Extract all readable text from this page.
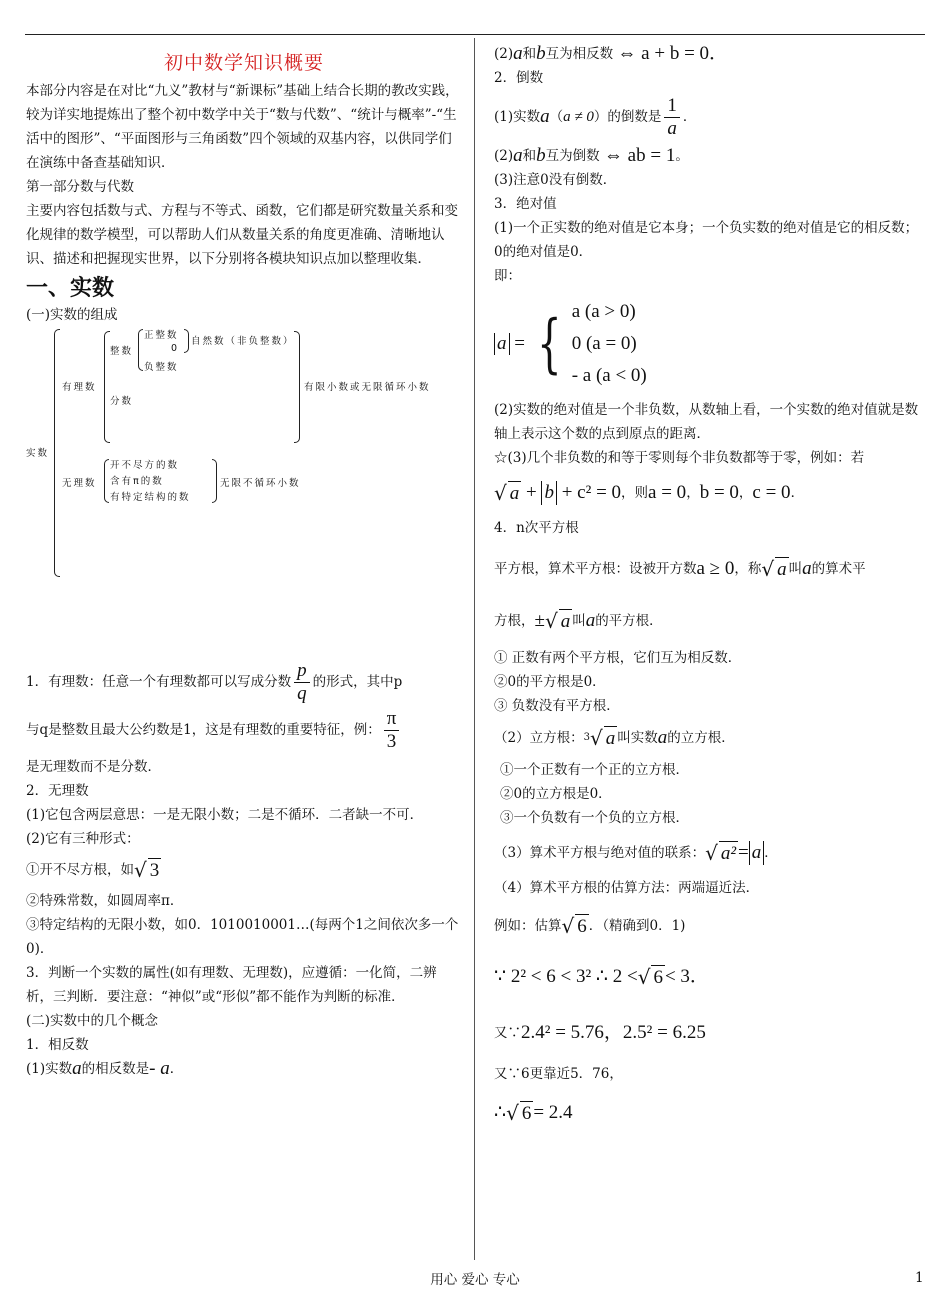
初中数学知识概要

本部分内容是在对比“九义”教材与“新课标”基础上结合长期的教改实践，较为详实地提炼出了整个初中数学中关于“数与代数”、“统计与概率”-“生活中的图形”、“平面图形与三角函数”四个领域的双基内容，以供同学们在演练中备查基础知识．

第一部分数与代数

主要内容包括数与式、方程与不等式、函数，它们都是研究数量关系和变化规律的数学模型，可以帮助人们从数量关系的角度更准确、清晰地认识、描述和把握现实世界，以下分别将各模块知识点加以整理收集．

一、实数

(一)实数的组成

实数
有理数
整数
正整数
0
负整数
自然数（非负整数）
分数
有限小数或无限循环小数
无理数
开不尽方的数
含有π的数
有特定结构的数
无限不循环小数
1．有理数：任意一个有理数都可以写成分数 $\frac{p}{q}$ 的形式，其中p
与q是整数且最大公约数是1，这是有理数的重要特征，例： $\frac{\pi}{3}$

是无理数而不是分数．

2．无理数

(1)它包含两层意思：一是无限小数；二是不循环．二者缺一不可．

(2)它有三种形式：

①开不尽方根，如 √ 3

②特殊常数，如圆周率π．

③特定结构的无限小数，如0．1010010001…(每两个1之间依次多一个0)．

3．判断一个实数的属性(如有理数、无理数)，应遵循：一化简，二辨析，三判断．要注意：“神似”或“形似”都不能作为判断的标准．

(二)实数中的几个概念

1．相反数

(1)实数 a 的相反数是 - a ．
(2) a 和 b 互为相反数
⇔ a + b = 0．

2．倒数

(1)实数 a （ a ≠ 0 ）的倒数是 $\frac{1}{a}$ ．
(2) a 和 b 互为倒数
⇔ ab = 1 。

(3)注意0没有倒数．

3．绝对值

(1)一个正实数的绝对值是它本身；一个负实数的绝对值是它的相反数；0的绝对值是0．

即：

a = { a (a > 0)
0 (a = 0)
- a (a < 0)

(2)实数的绝对值是一个非负数，从数轴上看，一个实数的绝对值就是数轴上表示这个数的点到原点的距离．

☆(3)几个非负数的和等于零则每个非负数都等于零，例如：若

√ a
+
b
+ c² = 0 ，则 a = 0 ， b = 0 ， c = 0 ．

4．n次平方根

平方根，算术平方根：设被开方数 a ≥ 0 ，称 √ a 叫 a 的算术平
方根， ± √ a 叫 a 的平方根．

① 正数有两个平方根，它们互为相反数．

②0的平方根是0．

③ 负数没有平方根．

（2）立方根： 3 √ a 叫实数 a 的立方根．

①一个正数有一个正的立方根．

②0的立方根是0．

③一个负数有一个负的立方根．

（3）算术平方根与绝对值的联系： √ a² = a ．

（4）算术平方根的估算方法：两端逼近法．

例如：估算 √ 6 ．（精确到0．1)
∵ 2² < 6 < 3² ∴ 2 < √ 6 < 3．
又∵ 2.4² = 5.76，2.5² = 6.25

又∵6更靠近5．76，

∴ √ 6 = 2.4
用心 爱心 专心	1
